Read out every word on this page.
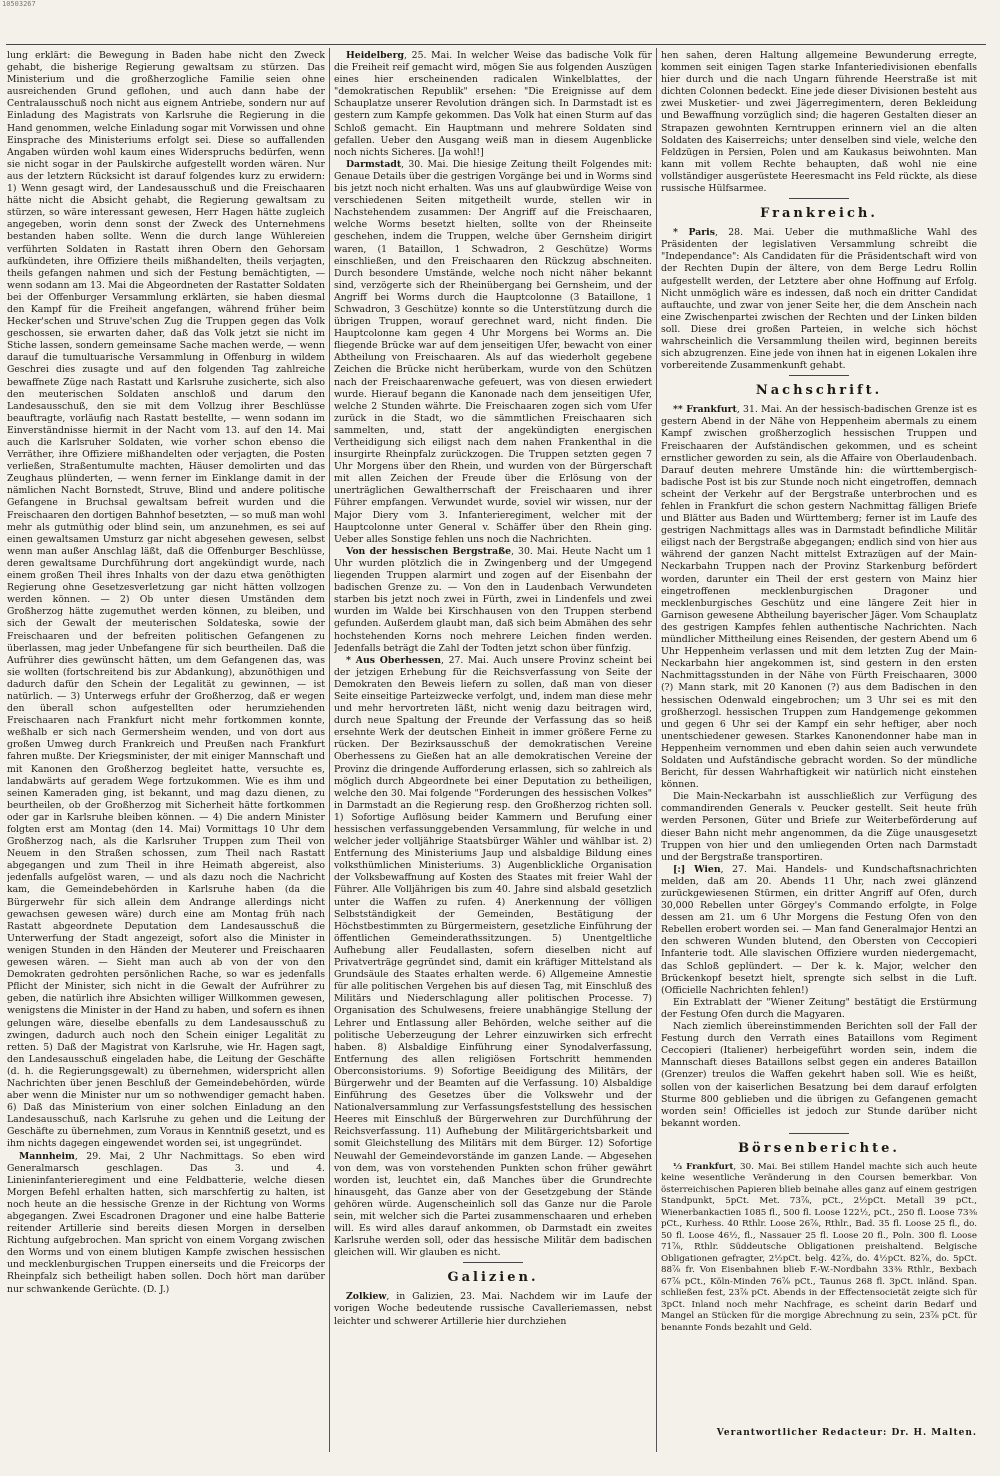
10503267

lung erklärt: die Bewegung in Baden habe nicht den Zweck gehabt, die bisherige Regierung gewaltsam zu stürzen. Das Ministerium und die großherzogliche Familie seien ohne ausreichenden Grund geflohen, und auch dann habe der Centralausschuß noch nicht aus eignem Antriebe, sondern nur auf Einladung des Magistrats von Karlsruhe die Regierung in die Hand genommen, welche Einladung sogar mit Vorwissen und ohne Einsprache des Ministeriums erfolgt sei. Diese so auffallenden Angaben würden wohl kaum eines Widerspruchs bedürfen, wenn sie nicht sogar in der Paulskirche aufgestellt worden wären. Nur aus der letztern Rücksicht ist darauf folgendes kurz zu erwidern: 1) Wenn gesagt wird, der Landesausschuß und die Freischaaren hätte nicht die Absicht gehabt, die Regierung gewaltsam zu stürzen, so wäre interessant gewesen, Herr Hagen hätte zugleich angegeben, worin denn sonst der Zweck des Unternehmens bestanden haben sollte. Wenn die durch lange Wühlereien verführten Soldaten in Rastatt ihren Obern den Gehorsam aufkündeten, ihre Offiziere theils mißhandelten, theils verjagten, theils gefangen nahmen und sich der Festung bemächtigten, — wenn sodann am 13. Mai die Abgeordneten der Rastatter Soldaten bei der Offenburger Versammlung erklärten, sie haben diesmal den Kampf für die Freiheit angefangen, während früher beim Hecker'schen und Struve'schen Zug die Truppen gegen das Volk geschossen, sie erwarten daher, daß das Volk jetzt sie nicht im Stiche lassen, sondern gemeinsame Sache machen werde, — wenn darauf die tumultuarische Versammlung in Offenburg in wildem Geschrei dies zusagte und auf den folgenden Tag zahlreiche bewaffnete Züge nach Rastatt und Karlsruhe zusicherte, sich also den meuterischen Soldaten anschloß und darum den Landesausschuß, den sie mit dem Vollzug ihrer Beschlüsse beauftragte, vorläufig nach Rastatt bestellte, — wenn sodann im Einverständnisse hiermit in der Nacht vom 13. auf den 14. Mai auch die Karlsruher Soldaten, wie vorher schon ebenso die Verräther, ihre Offiziere mißhandelten oder verjagten, die Posten verließen, Straßentumulte machten, Häuser demolirten und das Zeughaus plünderten, — wenn ferner im Einklange damit in der nämlichen Nacht Bornstedt, Struve, Blind und andere politische Gefangene in Bruchsal gewaltsam befreit wurden und die Freischaaren den dortigen Bahnhof besetzten, — so muß man wohl mehr als gutmüthig oder blind sein, um anzunehmen, es sei auf einen gewaltsamen Umsturz gar nicht abgesehen gewesen, selbst wenn man außer Anschlag läßt, daß die Offenburger Beschlüsse, deren gewaltsame Durchführung dort angekündigt wurde, nach einem großen Theil ihres Inhalts von der dazu etwa genöthigten Regierung ohne Gesetzesverletzung gar nicht hätten vollzogen werden können. — 2) Ob unter diesen Umständen dem Großherzog hätte zugemuthet werden können, zu bleiben, und sich der Gewalt der meuterischen Soldateska, sowie der Freischaaren und der befreiten politischen Gefangenen zu überlassen, mag jeder Unbefangene für sich beurtheilen. Daß die Aufrührer dies gewünscht hätten, um dem Gefangenen das, was sie wollten (fortschreitend bis zur Abdankung), abzunöthigen und dadurch dafür den Schein der Legalität zu gewinnen, — ist natürlich. — 3) Unterwegs erfuhr der Großherzog, daß er wegen den überall schon aufgestellten oder herumziehenden Freischaaren nach Frankfurt nicht mehr fortkommen konnte, weßhalb er sich nach Germersheim wenden, und von dort aus großen Umweg durch Frankreich und Preußen nach Frankfurt fahren mußte. Der Kriegsminister, der mit einiger Mannschaft und mit Kanonen den Großherzog begleitet hatte, versuchte es, landabwärts auf geradem Wege fortzukommen. Wie es ihm und seinen Kameraden ging, ist bekannt, und mag dazu dienen, zu beurtheilen, ob der Großherzog mit Sicherheit hätte fortkommen oder gar in Karlsruhe bleiben können. — 4) Die andern Minister folgten erst am Montag (den 14. Mai) Vormittags 10 Uhr dem Großherzog nach, als die Karlsruher Truppen zum Theil von Neuem in den Straßen schossen, zum Theil nach Rastatt abgegangen und zum Theil in ihre Heimath abgereist, also jedenfalls aufgelöst waren, — und als dazu noch die Nachricht kam, die Gemeindebehörden in Karlsruhe haben (da die Bürgerwehr für sich allein dem Andrange allerdings nicht gewachsen gewesen wäre) durch eine am Montag früh nach Rastatt abgeordnete Deputation dem Landesausschuß die Unterwerfung der Stadt angezeigt, sofort also die Minister in wenigen Stunden in den Händen der Meuterer und Freischaaren gewesen wären. — Sieht man auch ab von der von den Demokraten gedrohten persönlichen Rache, so war es jedenfalls Pflicht der Minister, sich nicht in die Gewalt der Aufrührer zu geben, die natürlich ihre Absichten williger Willkommen gewesen, wenigstens die Minister in der Hand zu haben, und sofern es ihnen gelungen wäre, dieselbe ebenfalls zu dem Landesausschuß zu zwingen, dadurch auch noch den Schein einiger Legalität zu retten. 5) Daß der Magistrat von Karlsruhe, wie Hr. Hagen sagt, den Landesausschuß eingeladen habe, die Leitung der Geschäfte (d. h. die Regierungsgewalt) zu übernehmen, widerspricht allen Nachrichten über jenen Beschluß der Gemeindebehörden, würde aber wenn die Minister nur um so nothwendiger gemacht haben. 6) Daß das Ministerium von einer solchen Einladung an den Landesausschuß, nach Karlsruhe zu gehen und die Leitung der Geschäfte zu übernehmen, zum Voraus in Kenntniß gesetzt, und es ihm nichts dagegen eingewendet worden sei, ist ungegründet.

Mannheim, 29. Mai, 2 Uhr Nachmittags. So eben wird Generalmarsch geschlagen. Das 3. und 4. Linieninfanterieregiment und eine Feldbatterie, welche diesen Morgen Befehl erhalten hatten, sich marschfertig zu halten, ist noch heute an die hessische Grenze in der Richtung von Worms abgegangen. Zwei Escadronen Dragoner und eine halbe Batterie reitender Artillerie sind bereits diesen Morgen in derselben Richtung aufgebrochen. Man spricht von einem Vorgang zwischen den Worms und von einem blutigen Kampfe zwischen hessischen und mecklenburgischen Truppen einerseits und die Freicorps der Rheinpfalz sich betheiligt haben sollen. Doch hört man darüber nur schwankende Gerüchte. (D. J.)

Heidelberg, 25. Mai. In welcher Weise das badische Volk für die Freiheit reif gemacht wird, mögen Sie aus folgenden Auszügen eines hier erscheinenden radicalen Winkelblattes, der "demokratischen Republik" ersehen: "Die Ereignisse auf dem Schauplatze unserer Revolution drängen sich. In Darmstadt ist es gestern zum Kampfe gekommen. Das Volk hat einen Sturm auf das Schloß gemacht. Ein Hauptmann und mehrere Soldaten sind gefallen. Ueber den Ausgang weiß man in diesem Augenblicke noch nichts Sicheres. [Ja wohl!]

Darmstadt, 30. Mai. Die hiesige Zeitung theilt Folgendes mit: Genaue Details über die gestrigen Vorgänge bei und in Worms sind bis jetzt noch nicht erhalten. Was uns auf glaubwürdige Weise von verschiedenen Seiten mitgetheilt wurde, stellen wir in Nachstehendem zusammen: Der Angriff auf die Freischaaren, welche Worms besetzt hielten, sollte von der Rheinseite geschehen, indem die Truppen, welche über Gernsheim dirigirt waren, (1 Bataillon, 1 Schwadron, 2 Geschütze) Worms einschließen, und den Freischaaren den Rückzug abschneiten. Durch besondere Umstände, welche noch nicht näher bekannt sind, verzögerte sich der Rheinübergang bei Gernsheim, und der Angriff bei Worms durch die Hauptcolonne (3 Bataillone, 1 Schwadron, 3 Geschütze) konnte so die Unterstützung durch die übrigen Truppen, worauf gerechnet ward, nicht finden. Die Hauptcolonne kam gegen 4 Uhr Morgens bei Worms an. Die fliegende Brücke war auf dem jenseitigen Ufer, bewacht von einer Abtheilung von Freischaaren. Als auf das wiederholt gegebene Zeichen die Brücke nicht herüberkam, wurde von den Schützen nach der Freischaarenwache gefeuert, was von diesen erwiedert wurde. Hierauf begann die Kanonade nach dem jenseitigen Ufer, welche 2 Stunden währte. Die Freischaaren zogen sich vom Ufer zurück in die Stadt, wo die sämmtlichen Freischaaren sich sammelten, und, statt der angekündigten energischen Vertheidigung sich eiligst nach dem nahen Frankenthal in die insurgirte Rheinpfalz zurückzogen. Die Truppen setzten gegen 7 Uhr Morgens über den Rhein, und wurden von der Bürgerschaft mit allen Zeichen der Freude über die Erlösung von der unerträglichen Gewaltherrschaft der Freischaaren und ihrer Führer empfangen. Verwundet wurde, soviel wir wissen, nur der Major Diery vom 3. Infanterieregiment, welcher mit der Hauptcolonne unter General v. Schäffer über den Rhein ging. Ueber alles Sonstige fehlen uns noch die Nachrichten.

Von der hessischen Bergstraße, 30. Mai. Heute Nacht um 1 Uhr wurden plötzlich die in Zwingenberg und der Umgegend liegenden Truppen alarmirt und zogen auf der Eisenbahn der badischen Grenze zu. — Von den in Laudenbach Verwundeten starben bis jetzt noch zwei in Fürth, zwei in Lindenfels und zwei wurden im Walde bei Kirschhausen von den Truppen sterbend gefunden. Außerdem glaubt man, daß sich beim Abmähen des sehr hochstehenden Korns noch mehrere Leichen finden werden. Jedenfalls beträgt die Zahl der Todten jetzt schon über fünfzig.

* Aus Oberhessen, 27. Mai. Auch unsere Provinz scheint bei der jetzigen Erhebung für die Reichsverfassung von Seite der Demokraten den Beweis liefern zu sollen, daß man von dieser Seite einseitige Parteizwecke verfolgt, und, indem man diese mehr und mehr hervortreten läßt, nicht wenig dazu beitragen wird, durch neue Spaltung der Freunde der Verfassung das so heiß ersehnte Werk der deutschen Einheit in immer größere Ferne zu rücken. Der Bezirksausschuß der demokratischen Vereine Oberhessens zu Gießen hat an alle demokratischen Vereine der Provinz die dringende Aufforderung erlassen, sich so zahlreich als möglich durch Abgeordnete bei einer Deputation zu betheiligen, welche den 30. Mai folgende "Forderungen des hessischen Volkes" in Darmstadt an die Regierung resp. den Großherzog richten soll. 1) Sofortige Auflösung beider Kammern und Berufung einer hessischen verfassunggebenden Versammlung, für welche in und welcher jeder volljährige Staatsbürger Wähler und wählbar ist. 2) Entfernung des Ministeriums Jaup und alsbaldige Bildung eines volksthümlichen Ministeriums. 3) Augenblickliche Organisation der Volksbewaffnung auf Kosten des Staates mit freier Wahl der Führer. Alle Volljährigen bis zum 40. Jahre sind alsbald gesetzlich unter die Waffen zu rufen. 4) Anerkennung der völligen Selbstständigkeit der Gemeinden, Bestätigung der Höchstbestimmten zu Bürgermeistern, gesetzliche Einführung der öffentlichen Gemeinderathssitzungen. 5) Unentgeltliche Aufhebung aller Feudallasten, sofern dieselben nicht auf Privatverträge gegründet sind, damit ein kräftiger Mittelstand als Grundsäule des Staates erhalten werde. 6) Allgemeine Amnestie für alle politischen Vergehen bis auf diesen Tag, mit Einschluß des Militärs und Niederschlagung aller politischen Processe. 7) Organisation des Schulwesens, freiere unabhängige Stellung der Lehrer und Entlassung aller Behörden, welche seither auf die politische Ueberzeugung der Lehrer einzuwirken sich erfrecht haben. 8) Alsbaldige Einführung einer Synodalverfassung, Entfernung des allen religiösen Fortschritt hemmenden Oberconsistoriums. 9) Sofortige Beeidigung des Militärs, der Bürgerwehr und der Beamten auf die Verfassung. 10) Alsbaldige Einführung des Gesetzes über die Volkswehr und der Nationalversammlung zur Verfassungsfeststellung des hessischen Heeres mit Einschluß der Bürgerwehren zur Durchführung der Reichsverfassung. 11) Aufhebung der Militärgerichtsbarkeit und somit Gleichstellung des Militärs mit dem Bürger. 12) Sofortige Neuwahl der Gemeindevorstände im ganzen Lande. — Abgesehen von dem, was von vorstehenden Punkten schon früher gewährt worden ist, leuchtet ein, daß Manches über die Grundrechte hinausgeht, das Ganze aber von der Gesetzgebung der Stände gehören würde. Augenscheinlich soll das Ganze nur die Parole sein, mit welcher sich die Partei zusammenschaaren und erheben will. Es wird alles darauf ankommen, ob Darmstadt ein zweites Karlsruhe werden soll, oder das hessische Militär dem badischen gleichen will. Wir glauben es nicht.

Galizien.

Zolkiew, in Galizien, 23. Mai. Nachdem wir im Laufe der vorigen Woche bedeutende russische Cavalleriemassen, nebst leichter und schwerer Artillerie hier durchziehen

hen sahen, deren Haltung allgemeine Bewunderung erregte, kommen seit einigen Tagen starke Infanteriedivisionen ebenfalls hier durch und die nach Ungarn führende Heerstraße ist mit dichten Colonnen bedeckt. Eine jede dieser Divisionen besteht aus zwei Musketier- und zwei Jägerregimentern, deren Bekleidung und Bewaffnung vorzüglich sind; die hageren Gestalten dieser an Strapazen gewohnten Kerntruppen erinnern viel an die alten Soldaten des Kaiserreichs; unter denselben sind viele, welche den Feldzügen in Persien, Polen und am Kaukasus beiwohnten. Man kann mit vollem Rechte behaupten, daß wohl nie eine vollständiger ausgerüstete Heeresmacht ins Feld rückte, als diese russische Hülfsarmee.

Frankreich.

* Paris, 28. Mai. Ueber die muthmaßliche Wahl des Präsidenten der legislativen Versammlung schreibt die "Independance": Als Candidaten für die Präsidentschaft wird von der Rechten Dupin der ältere, von dem Berge Ledru Rollin aufgestellt werden, der Letztere aber ohne Hoffnung auf Erfolg. Nicht unmöglich wäre es indessen, daß noch ein dritter Candidat auftauchte, und zwar von jener Seite her, die dem Anschein nach eine Zwischenpartei zwischen der Rechten und der Linken bilden soll. Diese drei großen Parteien, in welche sich höchst wahrscheinlich die Versammlung theilen wird, beginnen bereits sich abzugrenzen. Eine jede von ihnen hat in eigenen Lokalen ihre vorbereitende Zusammenkunft gehabt.

Nachschrift.

** Frankfurt, 31. Mai. An der hessisch-badischen Grenze ist es gestern Abend in der Nähe von Heppenheim abermals zu einem Kampf zwischen großherzoglich hessischen Truppen und Freischaaren der Aufständischen gekommen, und es scheint ernstlicher geworden zu sein, als die Affaire von Oberlaudenbach. Darauf deuten mehrere Umstände hin: die württembergisch-badische Post ist bis zur Stunde noch nicht eingetroffen, demnach scheint der Verkehr auf der Bergstraße unterbrochen und es fehlen in Frankfurt die schon gestern Nachmittag fälligen Briefe und Blätter aus Baden und Württemberg; ferner ist im Laufe des gestrigen Nachmittags alles was in Darmstadt befindliche Militär eiligst nach der Bergstraße abgegangen; endlich sind von hier aus während der ganzen Nacht mittelst Extrazügen auf der Main-Neckarbahn Truppen nach der Provinz Starkenburg befördert worden, darunter ein Theil der erst gestern von Mainz hier eingetroffenen mecklenburgischen Dragoner und mecklenburgisches Geschütz und eine längere Zeit hier in Garnison gewesene Abtheilung bayerischer Jäger. Vom Schauplatz des gestrigen Kampfes fehlen authentische Nachrichten. Nach mündlicher Mittheilung eines Reisenden, der gestern Abend um 6 Uhr Heppenheim verlassen und mit dem letzten Zug der Main-Neckarbahn hier angekommen ist, sind gestern in den ersten Nachmittagsstunden in der Nähe von Fürth Freischaaren, 3000 (?) Mann stark, mit 20 Kanonen (?) aus dem Badischen in den hessischen Odenwald eingebrochen; um 3 Uhr sei es mit den großherzogl. hessischen Truppen zum Handgemenge gekommen und gegen 6 Uhr sei der Kampf ein sehr heftiger, aber noch unentschiedener gewesen. Starkes Kanonendonner habe man in Heppenheim vernommen und eben dahin seien auch verwundete Soldaten und Aufständische gebracht worden. So der mündliche Bericht, für dessen Wahrhaftigkeit wir natürlich nicht einstehen können.

Die Main-Neckarbahn ist ausschließlich zur Verfügung des commandirenden Generals v. Peucker gestellt. Seit heute früh werden Personen, Güter und Briefe zur Weiterbeförderung auf dieser Bahn nicht mehr angenommen, da die Züge unausgesetzt Truppen von hier und den umliegenden Orten nach Darmstadt und der Bergstraße transportiren.

[:] Wien, 27. Mai. Handels- und Kundschaftsnachrichten melden, daß am 20. Abends 11 Uhr, nach zwei glänzend zurückgewiesenen Stürmen, ein dritter Angriff auf Ofen, durch 30,000 Rebellen unter Görgey's Commando erfolgte, in Folge dessen am 21. um 6 Uhr Morgens die Festung Ofen von den Rebellen erobert worden sei. — Man fand Generalmajor Hentzi an den schweren Wunden blutend, den Obersten von Ceccopieri Infanterie todt. Alle slavischen Offiziere wurden niedergemacht, das Schloß geplündert. — Der k. k. Major, welcher den Brückenkopf besetzt hielt, sprengte sich selbst in die Luft. (Officielle Nachrichten fehlen!)

Ein Extrablatt der "Wiener Zeitung" bestätigt die Erstürmung der Festung Ofen durch die Magyaren.

Nach ziemlich übereinstimmenden Berichten soll der Fall der Festung durch den Verrath eines Bataillons vom Regiment Ceccopieri (Italiener) herbeigeführt worden sein, indem die Mannschaft dieses Bataillons selbst gegen ein anderes Bataillon (Grenzer) treulos die Waffen gekehrt haben soll. Wie es heißt, sollen von der kaiserlichen Besatzung bei dem darauf erfolgten Sturme 800 geblieben und die übrigen zu Gefangenen gemacht worden sein! Officielles ist jedoch zur Stunde darüber nicht bekannt worden.

Börsenberichte.

⅓ Frankfurt, 30. Mai. Bei stillem Handel machte sich auch heute keine wesentliche Veränderung in den Coursen bemerkbar. Von österreichischen Papieren blieb beinahe alles ganz auf einem gestrigen Standpunkt, 5pCt. Met. 73⅞, pCt., 2½pCt. Metall 39 pCt., Wienerbankactien 1085 fl., 500 fl. Loose 122½, pCt., 250 fl. Loose 73⅜ pCt., Kurhess. 40 Rthlr. Loose 26⅞, Rthlr., Bad. 35 fl. Loose 25 fl., do. 50 fl. Loose 46½, fl., Nassauer 25 fl. Loose 20 fl., Poln. 300 fl. Loose 71⅞, Rthlr. Süddeutsche Obligationen preishaltend. Belgische Obligationen gefragter, 2½pCt. belg. 42⅞, do. 4½pCt. 82⅞, do. 5pCt. 88⅞ fr. Von Eisenbahnen blieb F.-W.-Nordbahn 33⅜ Rthlr., Bexbach 67⅞ pCt., Köln-Minden 76⅞ pCt., Taunus 268 fl. 3pCt. inländ. Span. schließen fest, 23⅞ pCt. Abends in der Effectensocietät zeigte sich für 3pCt. Inland noch mehr Nachfrage, es scheint darin Bedarf und Mangel an Stücken für die morgige Abrechnung zu sein, 23⅞ pCt. für benannte Fonds bezahlt und Geld.

Verantwortlicher Redacteur: Dr. H. Malten.
